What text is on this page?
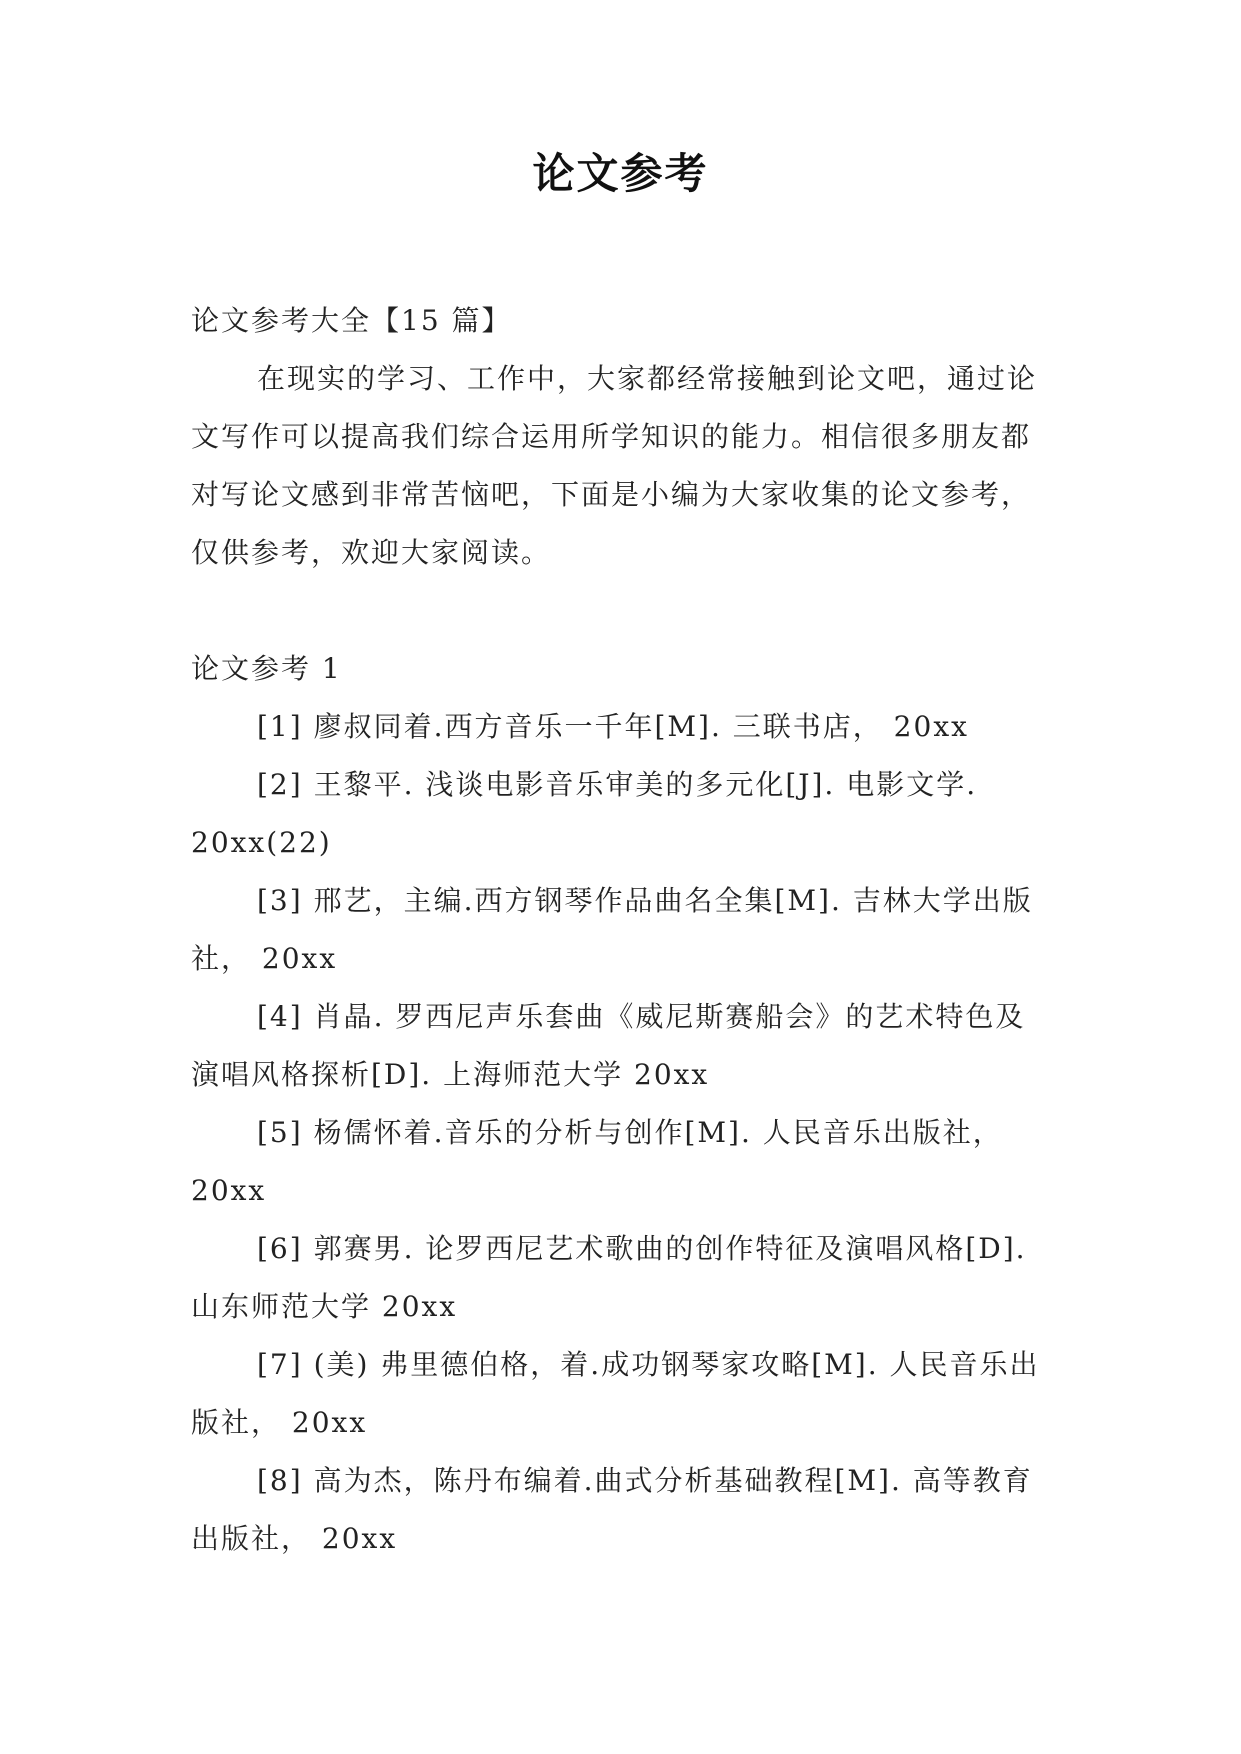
论文参考

论文参考大全【15 篇】

在现实的学习、工作中，大家都经常接触到论文吧，通过论文写作可以提高我们综合运用所学知识的能力。相信很多朋友都对写论文感到非常苦恼吧，下面是小编为大家收集的论文参考，仅供参考，欢迎大家阅读。

论文参考 1

[1] 廖叔同着.西方音乐一千年[M]. 三联书店， 20xx

[2] 王黎平. 浅谈电影音乐审美的多元化[J]. 电影文学. 20xx(22)

[3] 邢艺，主编.西方钢琴作品曲名全集[M]. 吉林大学出版社， 20xx

[4] 肖晶. 罗西尼声乐套曲《威尼斯赛船会》的艺术特色及演唱风格探析[D]. 上海师范大学 20xx

[5] 杨儒怀着.音乐的分析与创作[M]. 人民音乐出版社，20xx

[6] 郭赛男. 论罗西尼艺术歌曲的创作特征及演唱风格[D]. 山东师范大学 20xx

[7] (美) 弗里德伯格，着.成功钢琴家攻略[M]. 人民音乐出版社， 20xx

[8] 高为杰，陈丹布编着.曲式分析基础教程[M]. 高等教育出版社， 20xx
